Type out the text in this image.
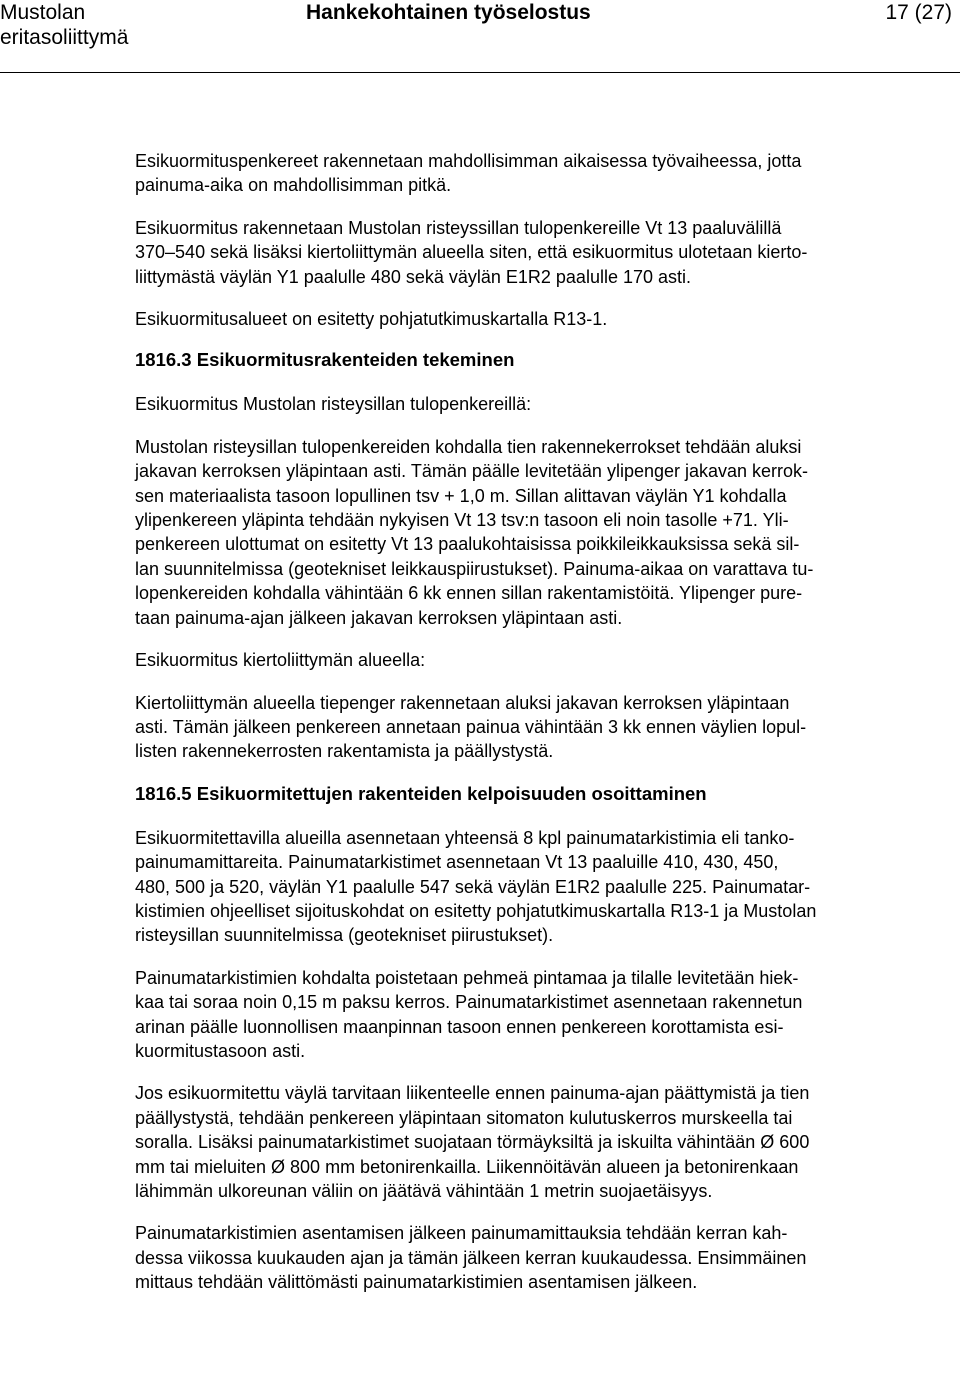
Mustolan
eritasoliittymä
Hankekohtainen työselostus	17 (27)

Esikuormituspenkereet rakennetaan mahdollisimman aikaisessa työvaiheessa, jotta
painuma-aika on mahdollisimman pitkä.

Esikuormitus rakennetaan Mustolan risteyssillan tulopenkereille Vt 13 paaluvälillä
370–540 sekä lisäksi kiertoliittymän alueella siten, että esikuormitus ulotetaan kierto-
liittymästä väylän Y1 paalulle 480 sekä väylän E1R2 paalulle 170 asti.

Esikuormitusalueet on esitetty pohjatutkimuskartalla R13-1.

1816.3 Esikuormitusrakenteiden tekeminen

Esikuormitus Mustolan risteysillan tulopenkereillä:

Mustolan risteysillan tulopenkereiden kohdalla tien rakennekerrokset tehdään aluksi
jakavan kerroksen yläpintaan asti. Tämän päälle levitetään ylipenger jakavan kerrok-
sen materiaalista tasoon lopullinen tsv + 1,0 m. Sillan alittavan väylän Y1 kohdalla
ylipenkereen yläpinta tehdään nykyisen Vt 13 tsv:n tasoon eli noin tasolle +71. Yli-
penkereen ulottumat on esitetty Vt 13 paalukohtaisissa poikkileikkauksissa sekä sil-
lan suunnitelmissa (geotekniset leikkauspiirustukset). Painuma-aikaa on varattava tu-
lopenkereiden kohdalla vähintään 6 kk ennen sillan rakentamistöitä. Ylipenger pure-
taan painuma-ajan jälkeen jakavan kerroksen yläpintaan asti.

Esikuormitus kiertoliittymän alueella:

Kiertoliittymän alueella tiepenger rakennetaan aluksi jakavan kerroksen yläpintaan
asti. Tämän jälkeen penkereen annetaan painua vähintään 3 kk ennen väylien lopul-
listen rakennekerrosten rakentamista ja päällystystä.

1816.5 Esikuormitettujen rakenteiden kelpoisuuden osoittaminen

Esikuormitettavilla alueilla asennetaan yhteensä 8 kpl painumatarkistimia eli tanko-
painumamittareita. Painumatarkistimet asennetaan Vt 13 paaluille 410, 430, 450,
480, 500 ja 520, väylän Y1 paalulle 547 sekä väylän E1R2 paalulle 225. Painumatar-
kistimien ohjeelliset sijoituskohdat on esitetty pohjatutkimuskartalla R13-1 ja Mustolan
risteysillan suunnitelmissa (geotekniset piirustukset).

Painumatarkistimien kohdalta poistetaan pehmeä pintamaa ja tilalle levitetään hiek-
kaa tai soraa noin 0,15 m paksu kerros. Painumatarkistimet asennetaan rakennetun
arinan päälle luonnollisen maanpinnan tasoon ennen penkereen korottamista esi-
kuormitustasoon asti.

Jos esikuormitettu väylä tarvitaan liikenteelle ennen painuma-ajan päättymistä ja tien
päällystystä, tehdään penkereen yläpintaan sitomaton kulutuskerros murskeella tai
soralla. Lisäksi painumatarkistimet suojataan törmäyksiltä ja iskuilta vähintään Ø 600
mm tai mieluiten Ø 800 mm betonirenkailla. Liikennöitävän alueen ja betonirenkaan
lähimmän ulkoreunan väliin on jäätävä vähintään 1 metrin suojaetäisyys.

Painumatarkistimien asentamisen jälkeen painumamittauksia tehdään kerran kah-
dessa viikossa kuukauden ajan ja tämän jälkeen kerran kuukaudessa. Ensimmäinen
mittaus tehdään välittömästi painumatarkistimien asentamisen jälkeen.
